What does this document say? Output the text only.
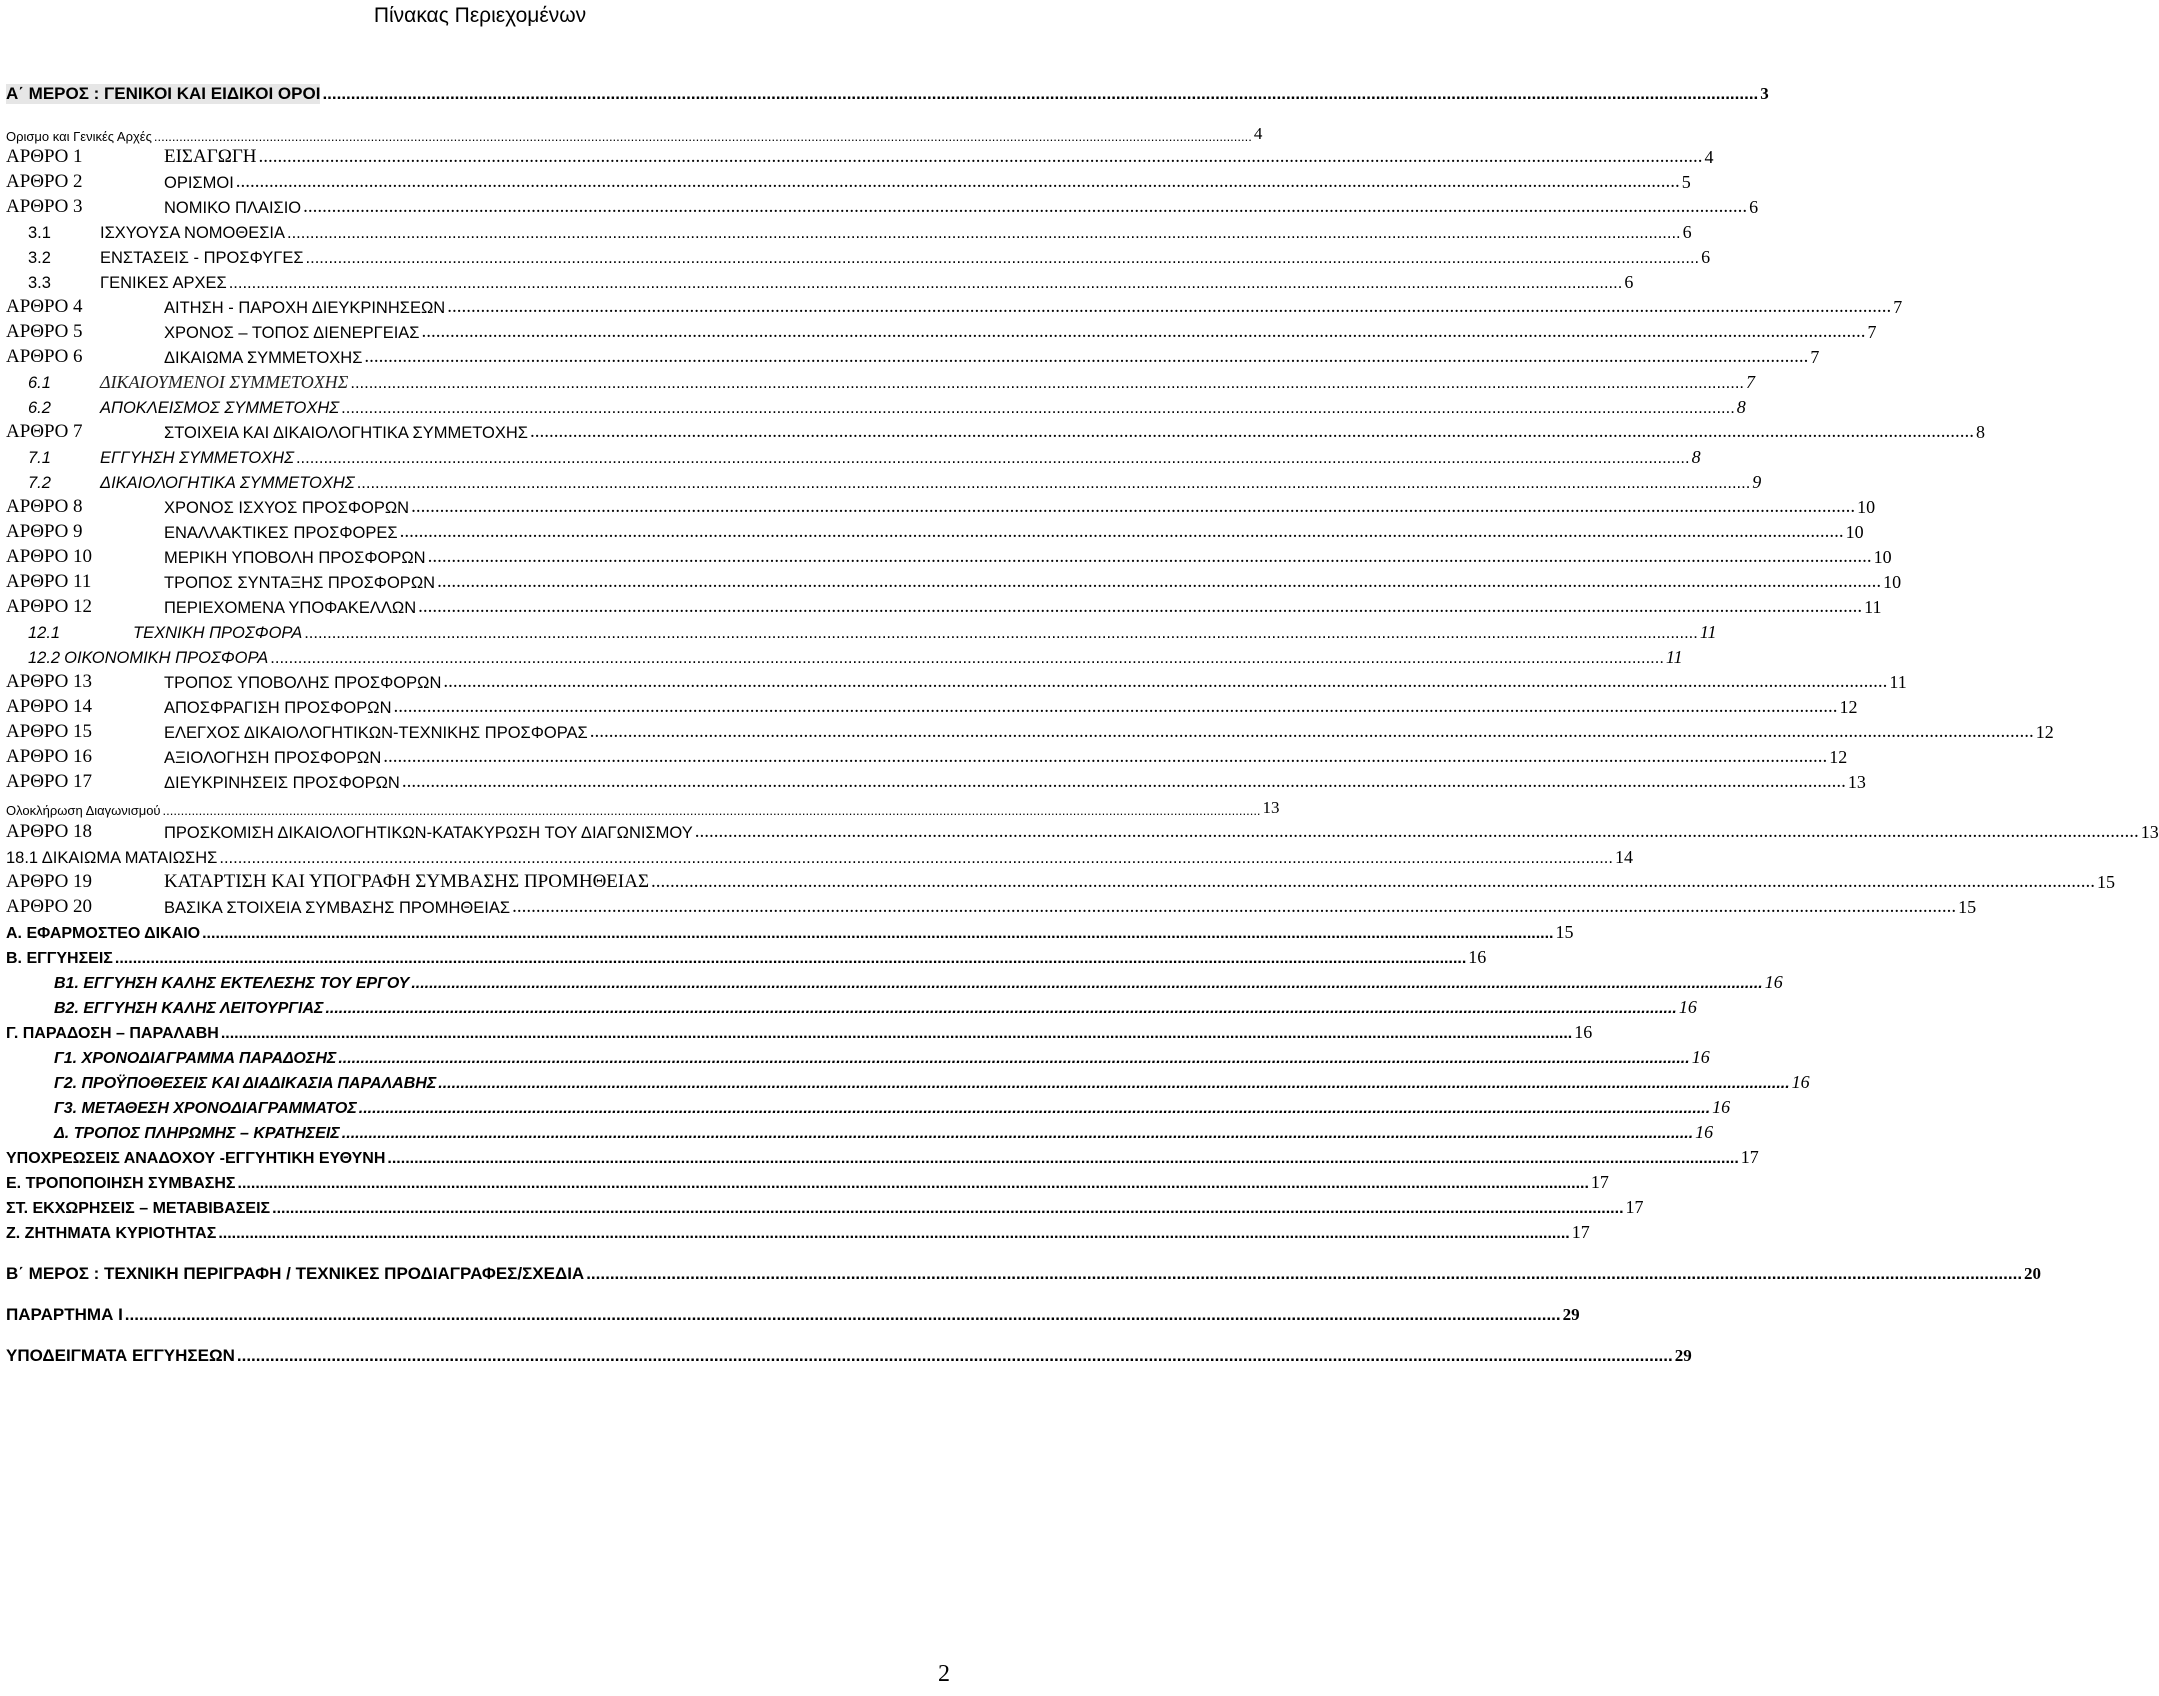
Πίνακας Περιεχομένων
Α΄ ΜΕΡΟΣ : ΓΕΝΙΚΟΙ ΚΑΙ ΕΙΔΙΚΟΙ ΟΡΟΙ .....	3
Ορισμο και Γενικές Αρχές .....	4
ΑΡΘΡΟ 1	ΕΙΣΑΓΩΓΗ .....	4
ΑΡΘΡΟ 2	ΟΡΙΣΜΟΙ .....	5
ΑΡΘΡΟ 3	ΝΟΜΙΚΟ ΠΛΑΙΣΙΟ .....	6
3.1	ΙΣΧΥΟΥΣΑ ΝΟΜΟΘΕΣΙΑ .....	6
3.2	ΕΝΣΤΑΣΕΙΣ - ΠΡΟΣΦΥΓΕΣ .....	6
3.3	ΓΕΝΙΚΕΣ ΑΡΧΕΣ .....	6
ΑΡΘΡΟ 4	ΑΙΤΗΣΗ - ΠΑΡΟΧΗ ΔΙΕΥΚΡΙΝΗΣΕΩΝ .....	7
ΑΡΘΡΟ 5	ΧΡΟΝΟΣ – ΤΟΠΟΣ ΔΙΕΝΕΡΓΕΙΑΣ .....	7
ΑΡΘΡΟ 6	ΔΙΚΑΙΩΜΑ ΣΥΜΜΕΤΟΧΗΣ .....	7
6.1	ΔΙΚΑΙΟΥΜΕΝΟΙ ΣΥΜΜΕΤΟΧΗΣ .....	7
6.2	ΑΠΟΚΛΕΙΣΜΟΣ ΣΥΜΜΕΤΟΧΗΣ .....	8
ΑΡΘΡΟ 7	ΣΤΟΙΧΕΙΑ ΚΑΙ ΔΙΚΑΙΟΛΟΓΗΤΙΚΑ ΣΥΜΜΕΤΟΧΗΣ .....	8
7.1	ΕΓΓΥΗΣΗ ΣΥΜΜΕΤΟΧΗΣ .....	8
7.2	ΔΙΚΑΙΟΛΟΓΗΤΙΚΑ ΣΥΜΜΕΤΟΧΗΣ .....	9
ΑΡΘΡΟ 8	ΧΡΟΝΟΣ ΙΣΧΥΟΣ ΠΡΟΣΦΟΡΩΝ .....	10
ΑΡΘΡΟ 9	ΕΝΑΛΛΑΚΤΙΚΕΣ ΠΡΟΣΦΟΡΕΣ .....	10
ΑΡΘΡΟ 10	ΜΕΡΙΚΗ ΥΠΟΒΟΛΗ ΠΡΟΣΦΟΡΩΝ .....	10
ΑΡΘΡΟ 11	ΤΡΟΠΟΣ ΣΥΝΤΑΞΗΣ ΠΡΟΣΦΟΡΩΝ .....	10
ΑΡΘΡΟ 12	ΠΕΡΙΕΧΟΜΕΝΑ ΥΠΟΦΑΚΕΛΛΩΝ .....	11
12.1	ΤΕΧΝΙΚΗ ΠΡΟΣΦΟΡΑ .....	11
12.2 ΟΙΚΟΝΟΜΙΚΗ ΠΡΟΣΦΟΡΑ .....	11
ΑΡΘΡΟ 13	ΤΡΟΠΟΣ ΥΠΟΒΟΛΗΣ ΠΡΟΣΦΟΡΩΝ .....	11
ΑΡΘΡΟ 14	ΑΠΟΣΦΡΑΓΙΣΗ ΠΡΟΣΦΟΡΩΝ .....	12
ΑΡΘΡΟ 15	ΕΛΕΓΧΟΣ ΔΙΚΑΙΟΛΟΓΗΤΙΚΩΝ-ΤΕΧΝΙΚΗΣ ΠΡΟΣΦΟΡΑΣ .....	12
ΑΡΘΡΟ 16	ΑΞΙΟΛΟΓΗΣΗ ΠΡΟΣΦΟΡΩΝ .....	12
ΑΡΘΡΟ 17	ΔΙΕΥΚΡΙΝΗΣΕΙΣ ΠΡΟΣΦΟΡΩΝ .....	13
Ολοκλήρωση Διαγωνισμού .....	13
ΑΡΘΡΟ 18	ΠΡΟΣΚΟΜΙΣΗ ΔΙΚΑΙΟΛΟΓΗΤΙΚΩΝ-ΚΑΤΑΚΥΡΩΣΗ ΤΟΥ ΔΙΑΓΩΝΙΣΜΟΥ .....	13
18.1 ΔΙΚΑΙΩΜΑ ΜΑΤΑΙΩΣΗΣ .....	14
ΑΡΘΡΟ 19	ΚΑΤΑΡΤΙΣΗ ΚΑΙ ΥΠΟΓΡΑΦΗ ΣΥΜΒΑΣΗΣ ΠΡΟΜΗΘΕΙΑΣ .....	15
ΑΡΘΡΟ 20	ΒΑΣΙΚΑ ΣΤΟΙΧΕΙΑ ΣΥΜΒΑΣΗΣ ΠΡΟΜΗΘΕΙΑΣ .....	15
Α. ΕΦΑΡΜΟΣΤΕΟ ΔΙΚΑΙΟ .....	15
Β. ΕΓΓΥΗΣΕΙΣ .....	16
Β1. ΕΓΓΥΗΣΗ ΚΑΛΗΣ ΕΚΤΕΛΕΣΗΣ ΤΟΥ ΕΡΓΟΥ .....	16
Β2. ΕΓΓΥΗΣΗ ΚΑΛΗΣ ΛΕΙΤΟΥΡΓΙΑΣ .....	16
Γ. ΠΑΡΑΔΟΣΗ – ΠΑΡΑΛΑΒΗ .....	16
Γ1. ΧΡΟΝΟΔΙΑΓΡΑΜΜΑ ΠΑΡΑΔΟΣΗΣ .....	16
Γ2. ΠΡΟΫΠΟΘΕΣΕΙΣ ΚΑΙ ΔΙΑΔΙΚΑΣΙΑ ΠΑΡΑΛΑΒΗΣ .....	16
Γ3. ΜΕΤΑΘΕΣΗ ΧΡΟΝΟΔΙΑΓΡΑΜΜΑΤΟΣ .....	16
Δ. ΤΡΟΠΟΣ ΠΛΗΡΩΜΗΣ – ΚΡΑΤΗΣΕΙΣ .....	16
ΥΠΟΧΡΕΩΣΕΙΣ ΑΝΑΔΟΧΟΥ -ΕΓΓΥΗΤΙΚΗ ΕΥΘΥΝΗ .....	17
Ε. ΤΡΟΠΟΠΟΙΗΣΗ ΣΥΜΒΑΣΗΣ .....	17
ΣΤ. ΕΚΧΩΡΗΣΕΙΣ – ΜΕΤΑΒΙΒΑΣΕΙΣ .....	17
Ζ. ΖΗΤΗΜΑΤΑ ΚΥΡΙΟΤΗΤΑΣ .....	17
Β΄ ΜΕΡΟΣ : ΤΕΧΝΙΚΗ ΠΕΡΙΓΡΑΦΗ / ΤΕΧΝΙΚΕΣ ΠΡΟΔΙΑΓΡΑΦΕΣ/ΣΧΕΔΙΑ .....	20
ΠΑΡΑΡΤΗΜΑ Ι .....	29
ΥΠΟΔΕΙΓΜΑΤΑ ΕΓΓΥΗΣΕΩΝ .....	29
2
